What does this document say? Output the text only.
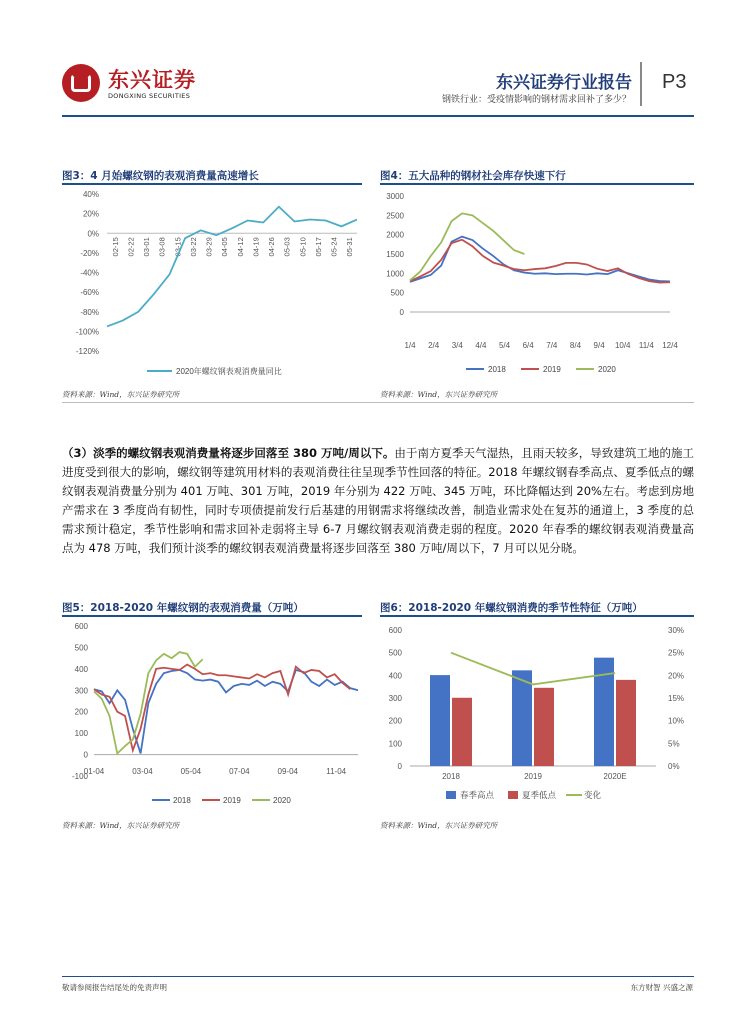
东兴证券
DONGXING SECURITIES
东兴证券行业报告
钢铁行业：受疫情影响的钢材需求回补了多少？
P3
图3：4 月始螺纹钢的表观消费量高速增长
40%
20%
0%
-20%
-40%
-60%
-80%
-100%
-120%
02-15 02-22 03-01 03-08 03-15 03-22 03-29 04-05 04-12 04-19 04-26 05-03 05-10 05-17 05-24 05-31
2020年螺纹钢表观消费量同比
资料来源：Wind，东兴证券研究所
图4：五大品种的钢材社会库存快速下行
3000
2500
2000
1500
1000
500
0
1/4 2/4 3/4 4/4 5/4 6/4 7/4 8/4 9/4 10/4 11/4 12/4
2018	2019	2020
资料来源：Wind，东兴证券研究所
（3）淡季的螺纹钢表观消费量将逐步回落至 380 万吨/周以下。由于南方夏季天气湿热，且雨天较多，导致建筑工地的施工进度受到很大的影响，螺纹钢等建筑用材料的表观消费往往呈现季节性回落的特征。2018 年螺纹钢春季高点、夏季低点的螺纹钢表观消费量分别为 401 万吨、301 万吨，2019 年分别为 422 万吨、345 万吨，环比降幅达到 20%左右。考虑到房地产需求在 3 季度尚有韧性，同时专项债提前发行后基建的用钢需求将继续改善，制造业需求处在复苏的通道上，3 季度的总需求预计稳定，季节性影响和需求回补走弱将主导 6-7 月螺纹钢表观消费走弱的程度。2020 年春季的螺纹钢表观消费量高点为 478 万吨，我们预计淡季的螺纹钢表观消费量将逐步回落至 380 万吨/周以下，7 月可以见分晓。
图5：2018-2020 年螺纹钢的表观消费量（万吨）
600
500
400
300
200
100
0
-100
01-04	03-04	05-04	07-04	09-04	11-04
2018	2019	2020
资料来源：Wind，东兴证券研究所
图6：2018-2020 年螺纹钢消费的季节性特征（万吨）
600
500
400
300
200
100
0
30%
25%
20%
15%
10%
5%
0%
2018	2019	2020E
春季高点	夏季低点	变化
资料来源：Wind，东兴证券研究所
敬请参阅报告结尾处的免责声明	东方财智 兴盛之源
